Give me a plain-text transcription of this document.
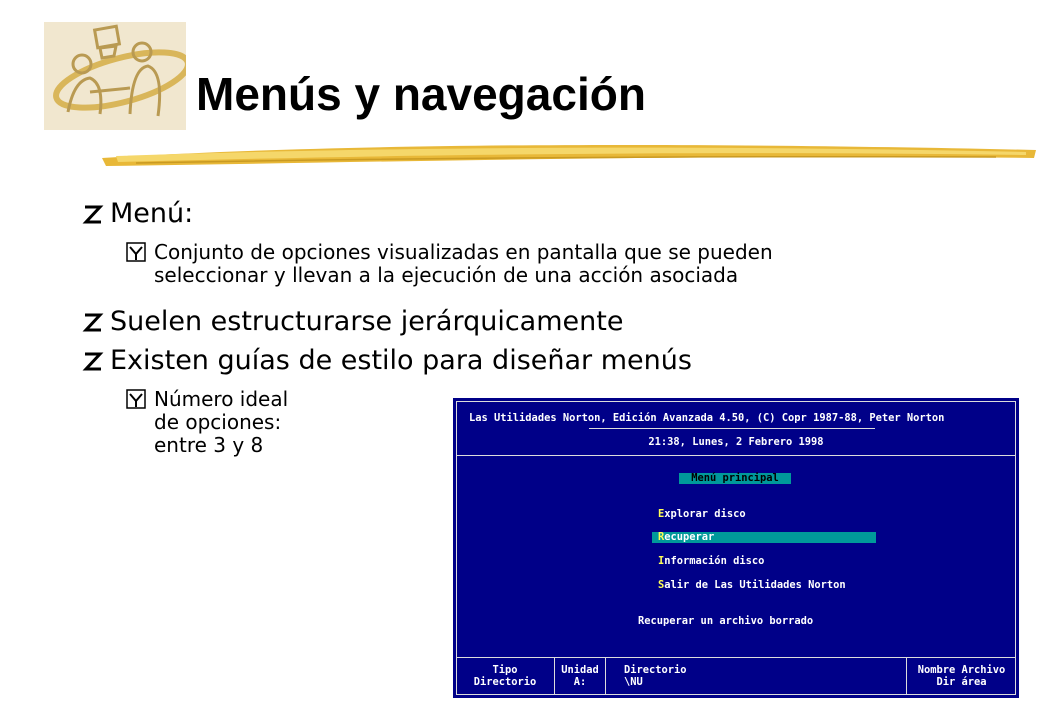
Menús y navegación
Menú:
Conjunto de opciones visualizadas en pantalla que se pueden
seleccionar y llevan a la ejecución de una acción asociada
Suelen estructurarse jerárquicamente
Existen guías de estilo para diseñar menús
Número ideal
de opciones:
entre 3 y 8
Las Utilidades Norton, Edición Avanzada 4.50, (C) Copr 1987-88, Peter Norton
21:38, Lunes, 2 Febrero 1998
Menú principal
Explorar disco
Recuperar
Información disco
Salir de Las Utilidades Norton
Recuperar un archivo borrado
Tipo
Directorio
Unidad
A:
Directorio
\NU
Nombre Archivo
Dir área
